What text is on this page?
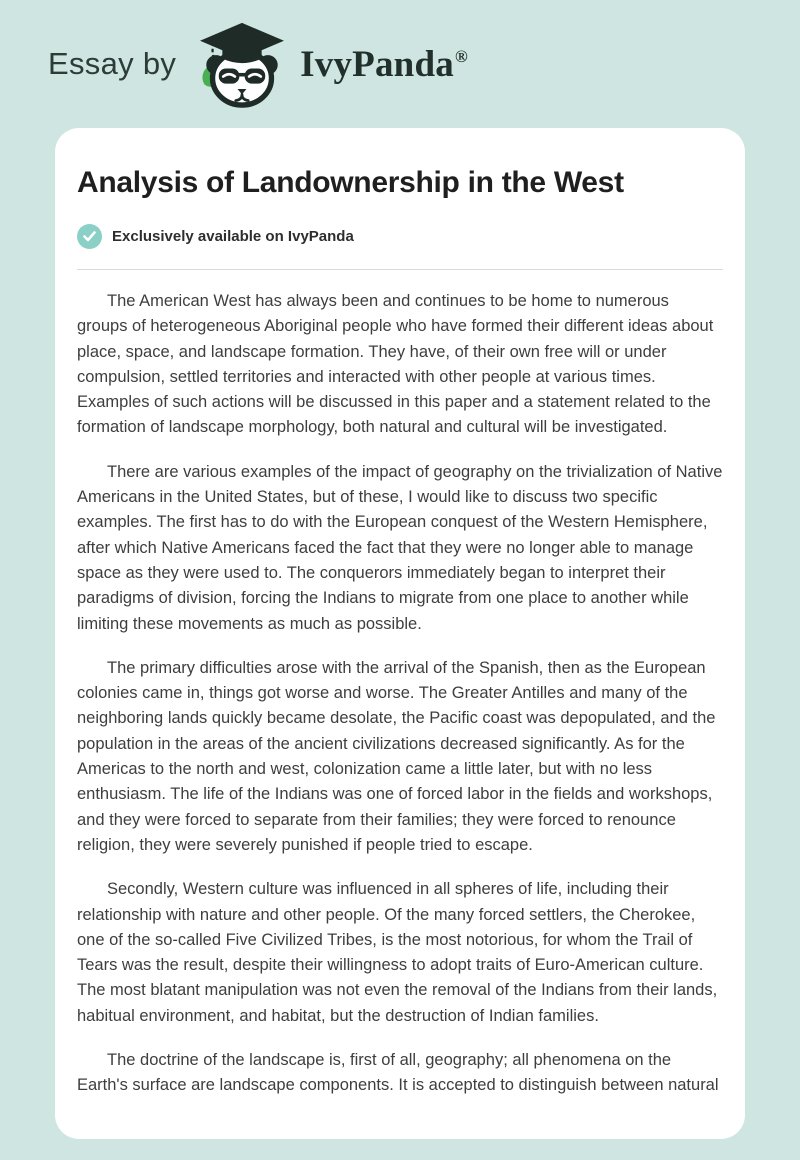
Essay by	IvyPanda®
Analysis of Landownership in the West
Exclusively available on IvyPanda

The American West has always been and continues to be home to numerous groups of heterogeneous Aboriginal people who have formed their different ideas about place, space, and landscape formation. They have, of their own free will or under compulsion, settled territories and interacted with other people at various times. Examples of such actions will be discussed in this paper and a statement related to the formation of landscape morphology, both natural and cultural will be investigated.

There are various examples of the impact of geography on the trivialization of Native Americans in the United States, but of these, I would like to discuss two specific examples. The first has to do with the European conquest of the Western Hemisphere, after which Native Americans faced the fact that they were no longer able to manage space as they were used to. The conquerors immediately began to interpret their paradigms of division, forcing the Indians to migrate from one place to another while limiting these movements as much as possible.

The primary difficulties arose with the arrival of the Spanish, then as the European colonies came in, things got worse and worse. The Greater Antilles and many of the neighboring lands quickly became desolate, the Pacific coast was depopulated, and the population in the areas of the ancient civilizations decreased significantly. As for the Americas to the north and west, colonization came a little later, but with no less enthusiasm. The life of the Indians was one of forced labor in the fields and workshops, and they were forced to separate from their families; they were forced to renounce religion, they were severely punished if people tried to escape.

Secondly, Western culture was influenced in all spheres of life, including their relationship with nature and other people. Of the many forced settlers, the Cherokee, one of the so-called Five Civilized Tribes, is the most notorious, for whom the Trail of Tears was the result, despite their willingness to adopt traits of Euro-American culture. The most blatant manipulation was not even the removal of the Indians from their lands, habitual environment, and habitat, but the destruction of Indian families.

The doctrine of the landscape is, first of all, geography; all phenomena on the Earth's surface are landscape components. It is accepted to distinguish between natural
